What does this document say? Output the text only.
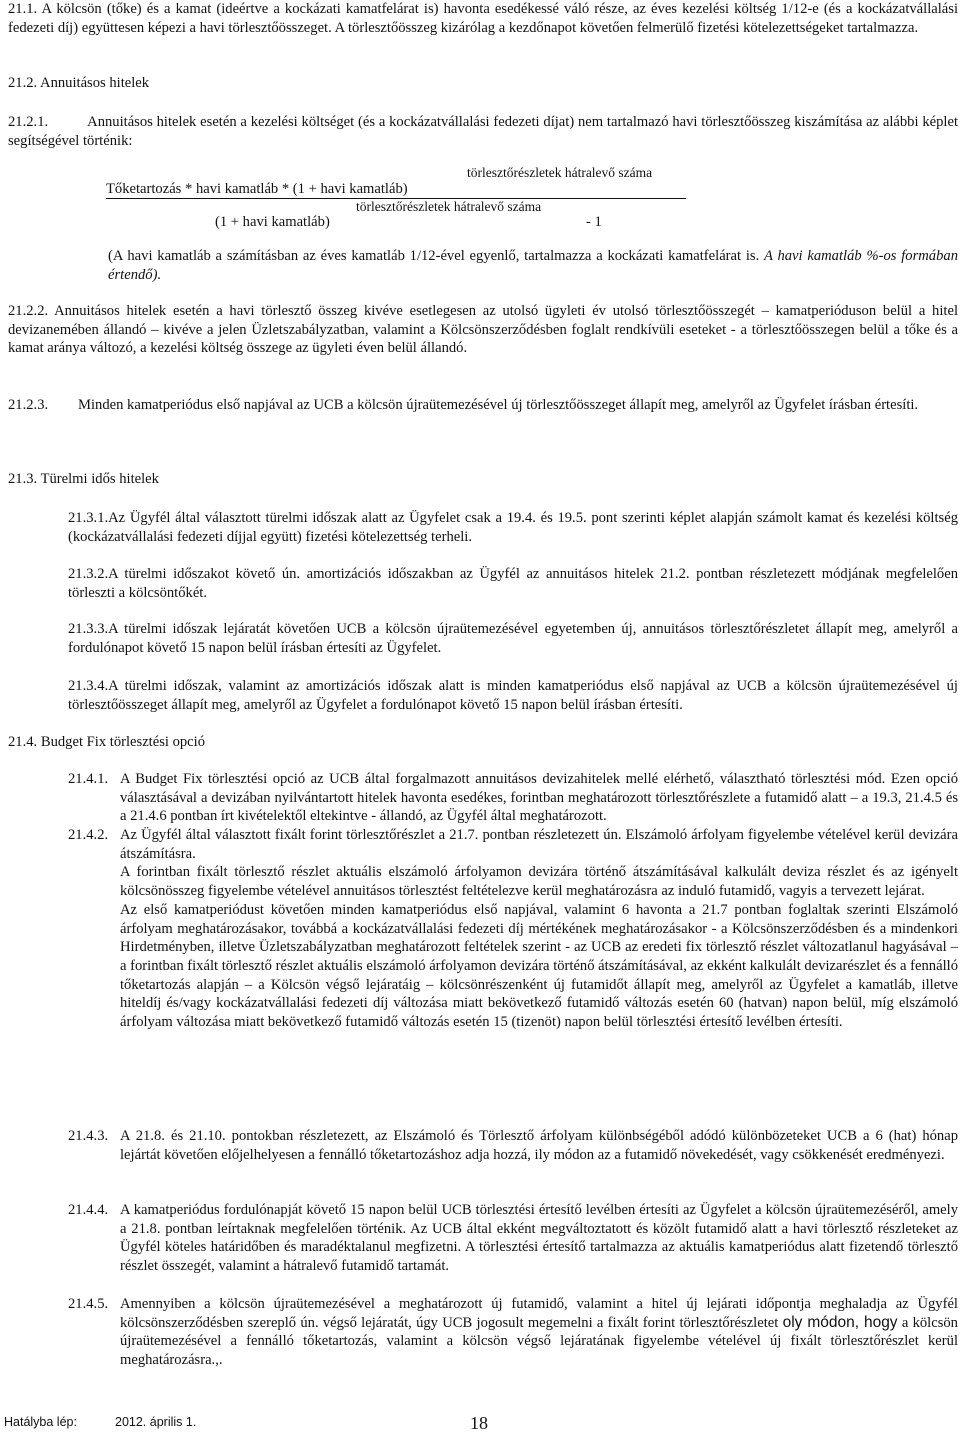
21.1. A kölcsön (tőke) és a kamat (ideértve a kockázati kamatfelárat is) havonta esedékessé váló része, az éves kezelési költség 1/12-e (és a kockázatvállalási fedezeti díj) együttesen képezi a havi törlesztőösszeget. A törlesztőösszeg kizárólag a kezdőnapot követően felmerülő fizetési kötelezettségeket tartalmazza.
21.2. Annuitásos hitelek
21.2.1.	Annuitásos hitelek esetén a kezelési költséget (és a kockázatvállalási fedezeti díjat) nem tartalmazó havi törlesztőösszeg kiszámítása az alábbi képlet segítségével történik:
törlesztőrészletek hátralevő száma
Tőketartozás * havi kamatláb * (1 + havi kamatláb)
törlesztőrészletek hátralevő száma
(1 + havi kamatláb)	- 1
(A havi kamatláb a számításban az éves kamatláb 1/12-ével egyenlő, tartalmazza a kockázati kamatfelárat is. A havi kamatláb %-os formában értendő).
21.2.2. Annuitásos hitelek esetén a havi törlesztő összeg kivéve esetlegesen az utolsó ügyleti év utolsó törlesztőösszegét – kamatperióduson belül a hitel devizanemében állandó – kivéve a jelen Üzletszabályzatban, valamint a Kölcsönszerződésben foglalt rendkívüli eseteket - a törlesztőösszegen belül a tőke és a kamat aránya változó, a kezelési költség összege az ügyleti éven belül állandó.
21.2.3. Minden kamatperiódus első napjával az UCB a kölcsön újraütemezésével új törlesztőösszeget állapít meg, amelyről az Ügyfelet írásban értesíti.
21.3. Türelmi idős hitelek
21.3.1.Az Ügyfél által választott türelmi időszak alatt az Ügyfelet csak a 19.4. és 19.5. pont szerinti képlet alapján számolt kamat és kezelési költség (kockázatvállalási fedezeti díjjal együtt) fizetési kötelezettség terheli.
21.3.2.A türelmi időszakot követő ún. amortizációs időszakban az Ügyfél az annuitásos hitelek 21.2. pontban részletezett módjának megfelelően törleszti a kölcsöntőkét.
21.3.3.A türelmi időszak lejáratát követően UCB a kölcsön újraütemezésével egyetemben új, annuitásos törlesztőrészletet állapít meg, amelyről a fordulónapot követő 15 napon belül írásban értesíti az Ügyfelet.
21.3.4.A türelmi időszak, valamint az amortizációs időszak alatt is minden kamatperiódus első napjával az UCB a kölcsön újraütemezésével új törlesztőösszeget állapít meg, amelyről az Ügyfelet a fordulónapot követő 15 napon belül írásban értesíti.
21.4. Budget Fix törlesztési opció
21.4.1. A Budget Fix törlesztési opció az UCB által forgalmazott annuitásos devizahitelek mellé elérhető, választható törlesztési mód. Ezen opció választásával a devizában nyilvántartott hitelek havonta esedékes, forintban meghatározott törlesztőrészlete a futamidő alatt – a 19.3, 21.4.5 és a 21.4.6 pontban írt kivételektől eltekintve - állandó, az Ügyfél által meghatározott.
21.4.2. Az Ügyfél által választott fixált forint törlesztőrészlet a 21.7. pontban részletezett ún. Elszámoló árfolyam figyelembe vételével kerül devizára átszámításra.
A forintban fixált törlesztő részlet aktuális elszámoló árfolyamon devizára történő átszámításával kalkulált deviza részlet és az igényelt kölcsönösszeg figyelembe vételével annuitásos törlesztést feltételezve kerül meghatározásra az induló futamidő, vagyis a tervezett lejárat.
Az első kamatperiódust követően minden kamatperiódus első napjával, valamint 6 havonta a 21.7 pontban foglaltak szerinti Elszámoló árfolyam meghatározásakor, továbbá a kockázatvállalási fedezeti díj mértékének meghatározásakor - a Kölcsönszerződésben és a mindenkori Hirdetményben, illetve Üzletszabályzatban meghatározott feltételek szerint - az UCB az eredeti fix törlesztő részlet változatlanul hagyásával – a forintban fixált törlesztő részlet aktuális elszámoló árfolyamon devizára történő átszámításával, az ekként kalkulált devizarészlet és a fennálló tőketartozás alapján – a Kölcsön végső lejáratáig – kölcsönrészenként új futamidőt állapít meg, amelyről az Ügyfelet a kamatláb, illetve hiteldíj és/vagy kockázatvállalási fedezeti díj változása miatt bekövetkező futamidő változás esetén 60 (hatvan) napon belül, míg elszámoló árfolyam változása miatt bekövetkező futamidő változás esetén 15 (tizenöt) napon belül törlesztési értesítő levélben értesíti.
21.4.3. A 21.8. és 21.10. pontokban részletezett, az Elszámoló és Törlesztő árfolyam különbségéből adódó különbözeteket UCB a 6 (hat) hónap lejártát követően előjelhelyesen a fennálló tőketartozáshoz adja hozzá, ily módon az a futamidő növekedését, vagy csökkenését eredményezi.
21.4.4. A kamatperiódus fordulónapját követő 15 napon belül UCB törlesztési értesítő levélben értesíti az Ügyfelet a kölcsön újraütemezéséről, amely a 21.8. pontban leírtaknak megfelelően történik. Az UCB által ekként megváltoztatott és közölt futamidő alatt a havi törlesztő részleteket az Ügyfél köteles határidőben és maradéktalanul megfizetni. A törlesztési értesítő tartalmazza az aktuális kamatperiódus alatt fizetendő törlesztő részlet összegét, valamint a hátralevő futamidő tartamát.
21.4.5. Amennyiben a kölcsön újraütemezésével a meghatározott új futamidő, valamint a hitel új lejárati időpontja meghaladja az Ügyfél kölcsönszerződésben szereplő ún. végső lejáratát, úgy UCB jogosult megemelni a fixált forint törlesztőrészletet oly módon, hogy a kölcsön újraütemezésével a fennálló tőketartozás, valamint a kölcsön végső lejáratának figyelembe vételével új fixált törlesztőrészlet kerül meghatározásra.,.
Hatályba lép:	2012. április 1.	18
